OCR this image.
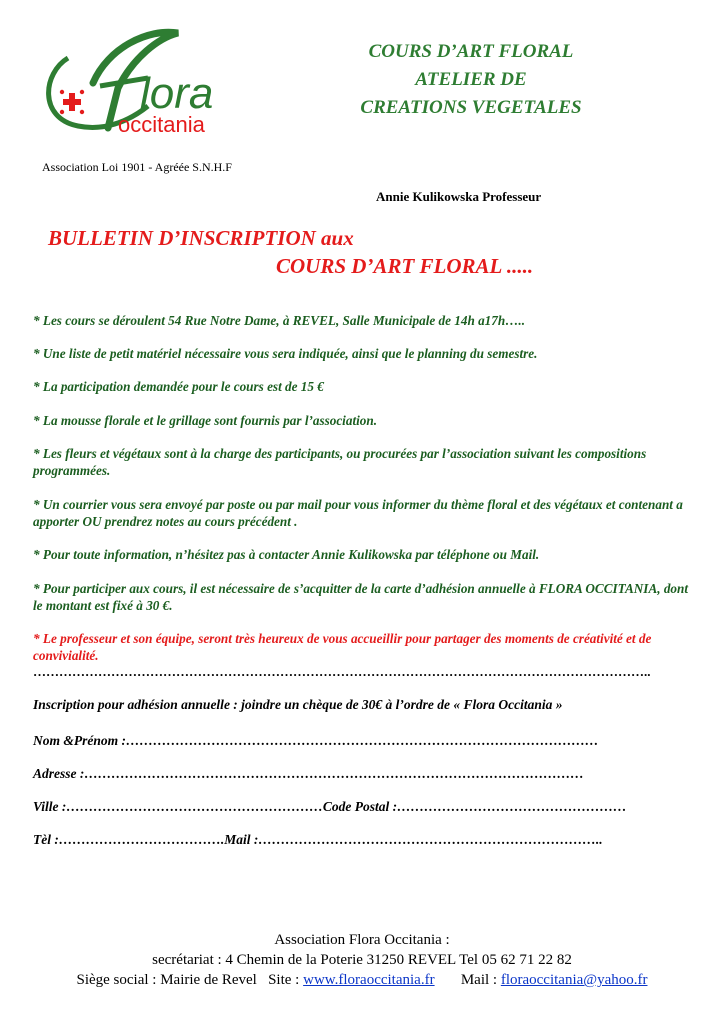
lora
occitania
COURS D’ART FLORAL
ATELIER DE
CREATIONS VEGETALES
Association Loi 1901 - Agréée S.N.H.F
Annie Kulikowska Professeur
BULLETIN D’INSCRIPTION aux
COURS D’ART FLORAL .....
* Les cours se déroulent 54 Rue Notre Dame, à REVEL, Salle Municipale de 14h a17h…..
* Une liste de petit matériel nécessaire vous sera indiquée, ainsi que le planning du semestre.
* La participation demandée pour le cours est de 15 €
* La mousse florale et le grillage sont fournis par l’association.
* Les fleurs et végétaux sont à la charge des participants, ou procurées par l’association suivant les compositions programmées.
* Un courrier vous sera envoyé par poste ou par mail pour vous informer du thème floral et des végétaux et contenant a apporter OU prendrez notes au cours précédent .
* Pour toute information, n’hésitez pas à contacter Annie Kulikowska par téléphone ou Mail.
* Pour participer aux cours, il est nécessaire de s’acquitter de la carte d’adhésion annuelle à FLORA OCCITANIA, dont le montant est fixé à 30 €.
* Le professeur et son équipe, seront très heureux de vous accueillir pour partager des moments de créativité et de convivialité.
……………………………………………………………………………………………………………………………..
Inscription pour adhésion annuelle : joindre un chèque de 30€ à l’ordre de « Flora Occitania »
Nom &Prénom :……………………………………………………………………………………………
Adresse :…………………………………………………………………………………………………
Ville :…………………………………………………Code Postal :……………………………………………
Tèl :……………………………….Mail :…………………………………………………………………..
Association Flora Occitania :
secrétariat : 4 Chemin de la Poterie 31250 REVEL Tel 05 62 71 22 82
Siège social : Mairie de Revel   Site : www.floraoccitania.fr       Mail : floraoccitania@yahoo.fr
